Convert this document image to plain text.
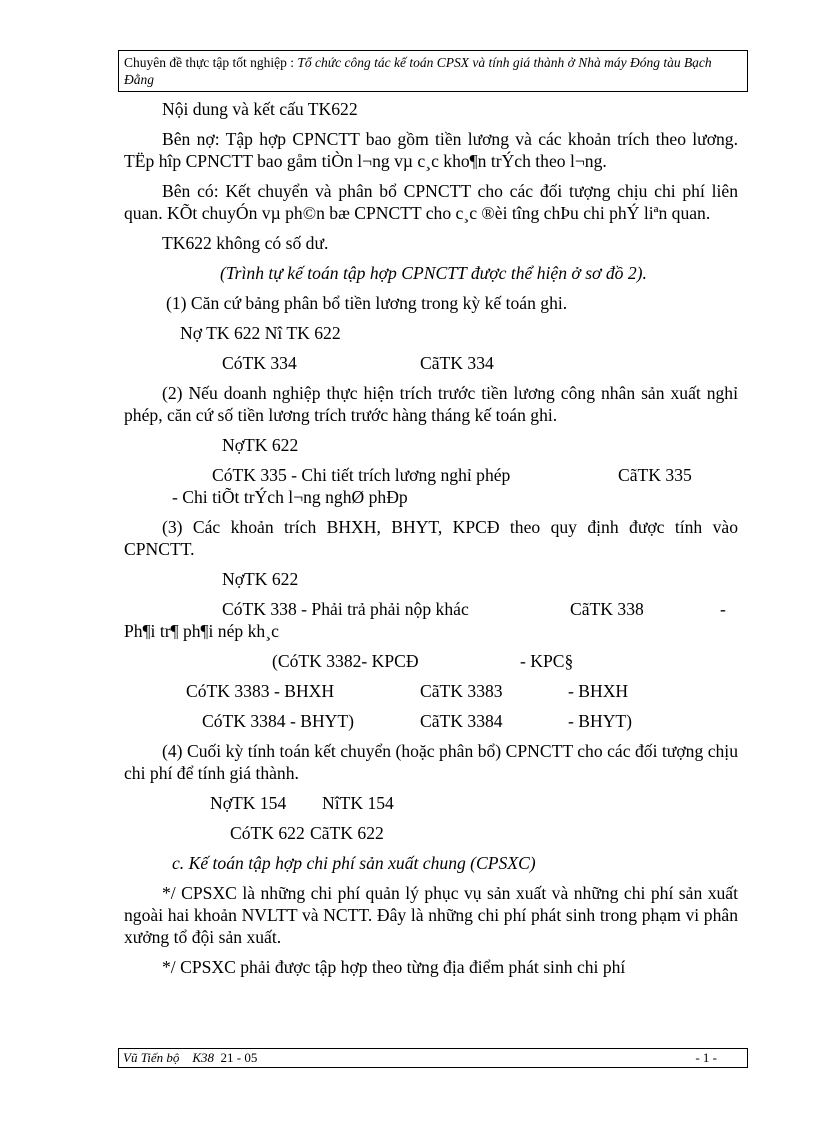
Chuyên đề thực tập tốt nghiệp : Tổ chức công tác kế toán CPSX và tính giá thành ở Nhà máy Đóng tàu Bạch Đằng

Nội dung và kết cấu TK622

Bên nợ: Tập hợp CPNCTT bao gồm tiền lương và các khoản trích theo lương. TËp hîp CPNCTT bao gåm tiÒn l¬ng vµ c¸c kho¶n trÝch theo l¬ng.

Bên có: Kết chuyển và phân bổ CPNCTT cho các đối tượng chịu chi phí liên quan. KÕt chuyÓn vµ ph©n bæ CPNCTT cho c¸c ®èi tîng chÞu chi phÝ liªn quan.

TK622 không có số dư.

(Trình tự kế toán tập hợp CPNCTT được thể hiện ở sơ đồ 2).

(1) Căn cứ bảng phân bổ tiền lương trong kỳ kế toán ghi.

Nợ TK 622 Nî TK 622
CóTK 334	CãTK 334

(2) Nếu doanh nghiệp thực hiện trích trước tiền lương công nhân sản xuất nghỉ phép, căn cứ số tiền lương trích trước hàng tháng kế toán ghi.

NợTK 622
CóTK 335 - Chi tiết trích lương nghỉ phép	CãTK 335
- Chi tiÕt trÝch l¬ng nghØ phÐp

(3) Các khoản trích BHXH, BHYT, KPCĐ theo quy định được tính vào CPNCTT.

NợTK 622
CóTK 338 - Phải trả phải nộp khác	CãTK 338	-
Ph¶i tr¶ ph¶i nép kh¸c
(CóTK 3382- KPCĐ	- KPC§
CóTK 3383 - BHXH	CãTK 3383	- BHXH
CóTK 3384 - BHYT)	CãTK 3384	- BHYT)

(4) Cuối kỳ tính toán kết chuyển (hoặc phân bổ) CPNCTT cho các đối tượng chịu chi phí để tính giá thành.

NợTK 154 NîTK 154
CóTK 622 CãTK 622

c. Kế toán tập hợp chi phí sản xuất chung (CPSXC)

*/ CPSXC là những chi phí quản lý phục vụ sản xuất và những chi phí sản xuất ngoài hai khoản NVLTT và NCTT. Đây là những chi phí phát sinh trong phạm vi phân xưởng tổ đội sản xuất.

*/ CPSXC phải được tập hợp theo từng địa điểm phát sinh chi phí

Vũ Tiến bộ K38 21 - 05	- 1 -
